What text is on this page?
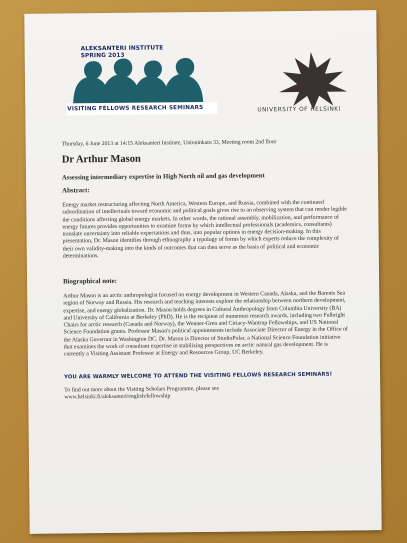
ALEKSANTERI INSTITUTE
SPRING 2013
VISITING FELLOWS RESEARCH SEMINARS	UNIVERSITY OF HELSINKI

Thursday, 6 June 2013 at 14:15 Aleksanteri Institute, Unioninkatu 33, Meeting room 2nd floor

Dr Arthur Mason
Assessing intermediary expertise in High North oil and gas development
Abstract:

Energy market restructuring affecting North America, Western Europe, and Russia, combined with the continued subordination of intellectuals toward economic and political goals gives rise to an observing system that can render legible the conditions affecting global energy markets. In other words, the rational assembly, mobilization, and performance of energy futures provides opportunities to examine forms by which intellectual professionals (academics, consultants) translate uncertainty into reliable expectations and thus, into popular options in energy decision-making. In this presentation, Dr. Mason identifies through ethnography a typology of forms by which experts reduce the complexity of their own validity-making into the kinds of outcomes that can then serve as the basis of political and economic determinations.

Biographical note:

Arthur Mason is an arctic anthropologist focused on energy development in Western Canada, Alaska, and the Barents Sea region of Norway and Russia. His research and teaching interests explore the relationship between northern development, expertise, and energy globalization. Dr. Mason holds degrees in Cultural Anthropology from Columbia University (BA) and University of California at Berkeley (PhD). He is the recipient of numerous research awards, including two Fulbright Chairs for arctic research (Canada and Norway), the Wenner-Gren and Ciriacy-Wantrup Fellowships, and US National Science Foundation grants. Professor Mason's political appointments include Associate Director of Energy in the Office of the Alaska Governor in Washington DC. Dr. Mason is Director of StudioPolar, a National Science Foundation initiative that examines the work of consultant expertise in stabilizing perspectives on arctic natural gas development. He is currently a Visiting Assistant Professor at Energy and Resources Group, UC Berkeley.

YOU ARE WARMLY WELCOME TO ATTEND THE VISITING FELLOWS RESEARCH SEMINARS!

To find out more about the Visiting Scholars Programme, please see
www.helsinki.fi/aleksanteri/english/fellowship
